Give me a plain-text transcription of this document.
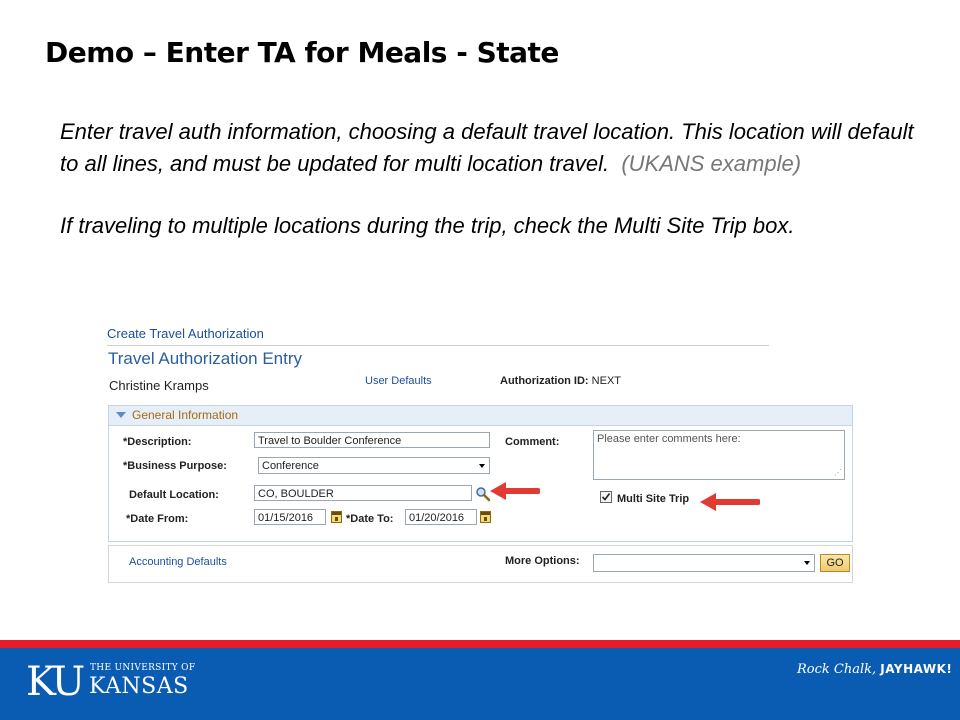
Demo – Enter TA for Meals - State

Enter travel auth information, choosing a default travel location. This location will default to all lines, and must be updated for multi location travel. (UKANS example)

If traveling to multiple locations during the trip, check the Multi Site Trip box.

Create Travel Authorization
Travel Authorization Entry
Christine Kramps	User Defaults	Authorization ID: NEXT
General Information
*Description:	Travel to Boulder Conference
*Business Purpose:	Conference
Default Location:	CO, BOULDER
*Date From:	01/15/2016	*Date To:	01/20/2016
Comment:	Please enter comments here:
⋰
Multi Site Trip
Accounting Defaults	More Options:	GO
KU THE UNIVERSITY OF
KANSAS
Rock Chalk, JAYHAWK!
